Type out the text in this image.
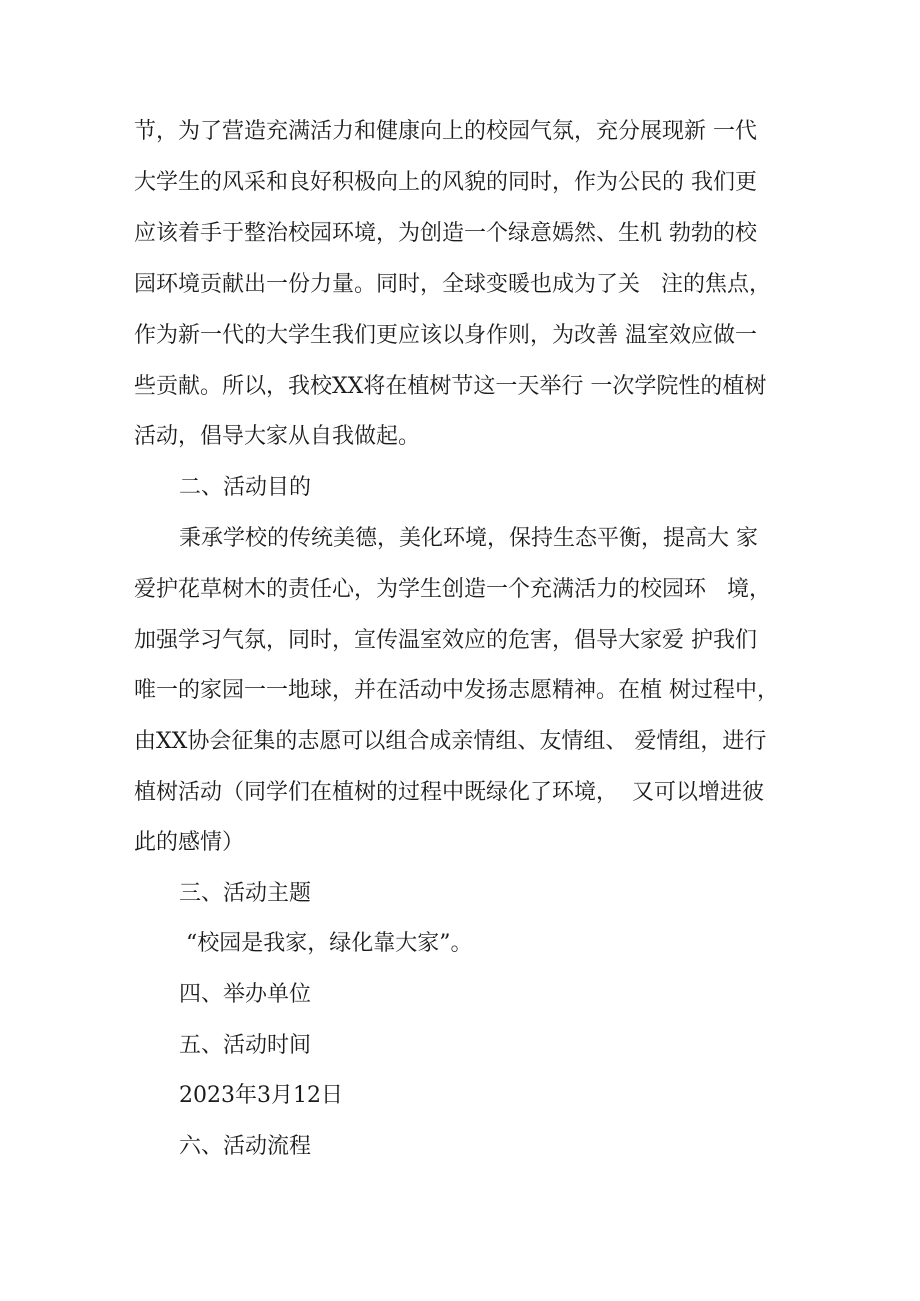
节，为了营造充满活力和健康向上的校园气氛，充分展现新 一代

大学生的风采和良好积极向上的风貌的同时，作为公民的 我们更

应该着手于整治校园环境，为创造一个绿意嫣然、生机 勃勃的校

园环境贡献出一份力量。同时，全球变暖也成为了关   注的焦点，

作为新一代的大学生我们更应该以身作则，为改善 温室效应做一

些贡献。所以，我校XX将在植树节这一天举行 一次学院性的植树

活动，倡导大家从自我做起。

二、活动目的

秉承学校的传统美德，美化环境，保持生态平衡，提高大 家

爱护花草树木的责任心，为学生创造一个充满活力的校园环   境，

加强学习气氛，同时，宣传温室效应的危害，倡导大家爱 护我们

唯一的家园一一地球，并在活动中发扬志愿精神。在植 树过程中，

由XX协会征集的志愿可以组合成亲情组、友情组、 爱情组，进行

植树活动（同学们在植树的过程中既绿化了环境，  又可以增进彼

此的感情）

三、活动主题

“校园是我家，绿化靠大家”。

四、举办单位

五、活动时间

2023年3月12日

六、活动流程
